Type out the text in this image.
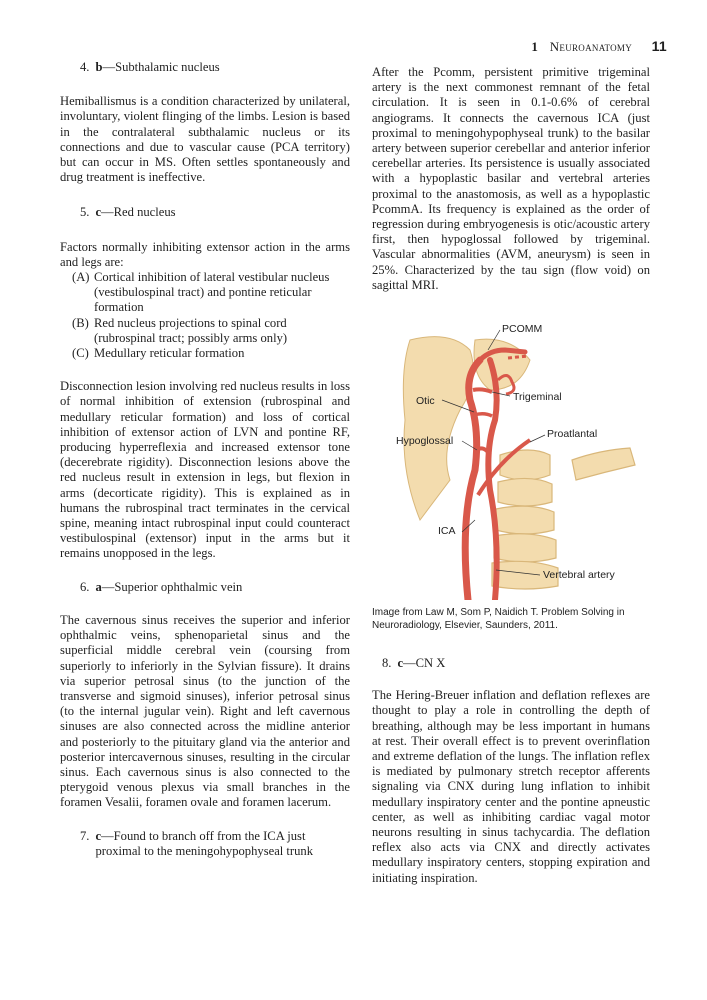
1 Neuroanatomy 11
4. b—Subthalamic nucleus

Hemiballismus is a condition characterized by unilateral, involuntary, violent flinging of the limbs. Lesion is based in the contralateral subthalamic nucleus or its connections and due to vascular cause (PCA territory) but can occur in MS. Often settles spontaneously and drug treatment is ineffective.

5. c—Red nucleus

Factors normally inhibiting extensor action in the arms and legs are:

(A) Cortical inhibition of lateral vestibular nucleus (vestibulospinal tract) and pontine reticular formation
(B) Red nucleus projections to spinal cord (rubrospinal tract; possibly arms only)
(C) Medullary reticular formation

Disconnection lesion involving red nucleus results in loss of normal inhibition of extension (rubrospinal and medullary reticular formation) and loss of cortical inhibition of extensor action of LVN and pontine RF, producing hyperreflexia and increased extensor tone (decerebrate rigidity). Disconnection lesions above the red nucleus result in extension in legs, but flexion in arms (decorticate rigidity). This is explained as in humans the rubrospinal tract terminates in the cervical spine, meaning intact rubrospinal input could counteract vestibulospinal (extensor) input in the arms but it remains unopposed in the legs.

6. a—Superior ophthalmic vein

The cavernous sinus receives the superior and inferior ophthalmic veins, sphenoparietal sinus and the superficial middle cerebral vein (coursing from superiorly to inferiorly in the Sylvian fissure). It drains via superior petrosal sinus (to the junction of the transverse and sigmoid sinuses), inferior petrosal sinus (to the internal jugular vein). Right and left cavernous sinuses are also connected across the midline anterior and posteriorly to the pituitary gland via the anterior and posterior intercavernous sinuses, resulting in the circular sinus. Each cavernous sinus is also connected to the pterygoid venous plexus via small branches in the foramen Vesalii, foramen ovale and foramen lacerum.

7. c—Found to branch off from the ICA just proximal to the meningohypophyseal trunk

After the Pcomm, persistent primitive trigeminal artery is the next commonest remnant of the fetal circulation. It is seen in 0.1-0.6% of cerebral angiograms. It connects the cavernous ICA (just proximal to meningohypophyseal trunk) to the basilar artery between superior cerebellar and anterior inferior cerebellar arteries. Its persistence is usually associated with a hypoplastic basilar and vertebral arteries proximal to the anastomosis, as well as a hypoplastic PcommA. Its frequency is explained as the order of regression during embryogenesis is otic/acoustic artery first, then hypoglossal followed by trigeminal. Vascular abnormalities (AVM, aneurysm) is seen in 25%. Characterized by the tau sign (flow void) on sagittal MRI.

PCOMM
Trigeminal
Otic
Proatlantal
Hypoglossal
ICA
Vertebral artery
Image from Law M, Som P, Naidich T. Problem Solving in Neuroradiology, Elsevier, Saunders, 2011.
8. c—CN X

The Hering-Breuer inflation and deflation reflexes are thought to play a role in controlling the depth of breathing, although may be less important in humans at rest. Their overall effect is to prevent overinflation and extreme deflation of the lungs. The inflation reflex is mediated by pulmonary stretch receptor afferents signaling via CNX during lung inflation to inhibit medullary inspiratory center and the pontine apneustic center, as well as inhibiting cardiac vagal motor neurons resulting in sinus tachycardia. The deflation reflex also acts via CNX and directly activates medullary inspiratory centers, stopping expiration and initiating inspiration.
